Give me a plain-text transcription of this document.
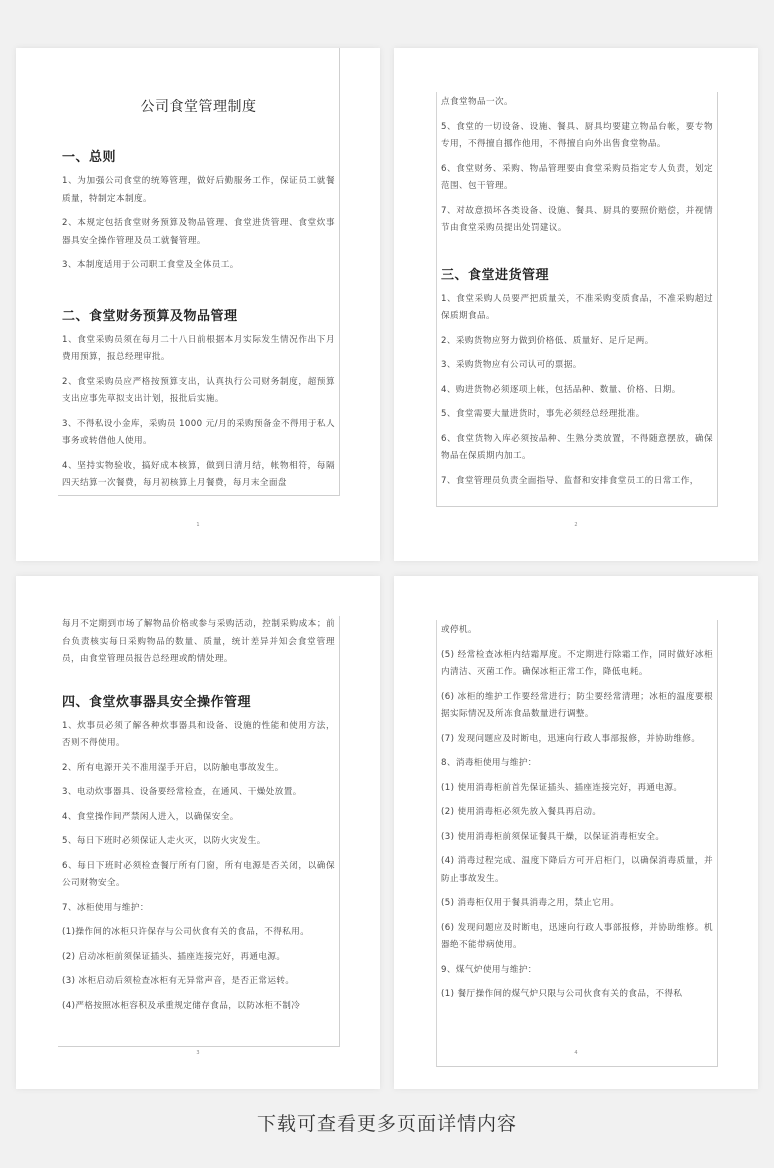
公司食堂管理制度
一、总则
1、为加强公司食堂的统筹管理，做好后勤服务工作，保证员工就餐质量，特制定本制度。
2、本规定包括食堂财务预算及物品管理、食堂进货管理、食堂炊事器具安全操作管理及员工就餐管理。
3、本制度适用于公司职工食堂及全体员工。
二、食堂财务预算及物品管理
1、食堂采购员须在每月二十八日前根据本月实际发生情况作出下月费用预算，报总经理审批。
2、食堂采购员应严格按预算支出，认真执行公司财务制度，超预算支出应事先草拟支出计划，报批后实施。
3、不得私设小金库，采购员 1000 元/月的采购预备金不得用于私人事务或转借他人使用。
4、坚持实物验收，搞好成本核算，做到日清月结，帐物相符，每隔四天结算一次餐费，每月初核算上月餐费，每月末全面盘
1
点食堂物品一次。
5、食堂的一切设备、设施、餐具、厨具均要建立物品台帐，要专物专用，不得擅自挪作他用，不得擅自向外出售食堂物品。
6、食堂财务、采购、物品管理要由食堂采购员指定专人负责，划定范围、包干管理。
7、对故意损坏各类设备、设施、餐具、厨具的要照价赔偿，并视情节由食堂采购员提出处罚建议。
三、食堂进货管理
1、食堂采购人员要严把质量关，不准采购变质食品，不准采购超过保质期食品。
2、采购货物应努力做到价格低、质量好、足斤足两。
3、采购货物应有公司认可的票据。
4、购进货物必须逐项上帐，包括品种、数量、价格、日期。
5、食堂需要大量进货时，事先必须经总经理批准。
6、食堂货物入库必须按品种、生熟分类放置，不得随意摆放，确保物品在保质期内加工。
7、食堂管理员负责全面指导、监督和安排食堂员工的日常工作，
2
每月不定期到市场了解物品价格或参与采购活动，控制采购成本；前台负责核实每日采购物品的数量、质量，统计差异并知会食堂管理员，由食堂管理员报告总经理或酌情处理。
四、食堂炊事器具安全操作管理
1、炊事员必须了解各种炊事器具和设备、设施的性能和使用方法，否则不得使用。
2、所有电源开关不准用湿手开启，以防触电事故发生。
3、电动炊事器具、设备要经常检查，在通风、干燥处放置。
4、食堂操作间严禁闲人进入，以确保安全。
5、每日下班时必须保证人走火灭，以防火灾发生。
6、每日下班时必须检查餐厅所有门窗，所有电源是否关闭，以确保公司财物安全。
7、冰柜使用与维护：
(1)操作间的冰柜只许保存与公司伙食有关的食品，不得私用。
(2) 启动冰柜前须保证插头、插座连接完好，再通电源。
(3) 冰柜启动后须检查冰柜有无异常声音，是否正常运转。
(4)严格按照冰柜容积及承重规定储存食品，以防冰柜不制冷
3
或停机。
(5) 经常检查冰柜内结霜厚度。不定期进行除霜工作，同时做好冰柜内清洁、灭菌工作。确保冰柜正常工作，降低电耗。
(6) 冰柜的维护工作要经常进行；防尘要经常清理；冰柜的温度要根据实际情况及所冻食品数量进行调整。
(7) 发现问题应及时断电，迅速向行政人事部报修，并协助维修。
8、消毒柜使用与维护：
(1) 使用消毒柜前首先保证插头、插座连接完好，再通电源。
(2) 使用消毒柜必须先放入餐具再启动。
(3) 使用消毒柜前须保证餐具干燥，以保证消毒柜安全。
(4) 消毒过程完成、温度下降后方可开启柜门，以确保消毒质量，并防止事故发生。
(5) 消毒柜仅用于餐具消毒之用，禁止它用。
(6) 发现问题应及时断电，迅速向行政人事部报修，并协助维修。机器绝不能带病使用。
9、煤气炉使用与维护：
(1) 餐厅操作间的煤气炉只限与公司伙食有关的食品，不得私
4
下载可查看更多页面详情内容
